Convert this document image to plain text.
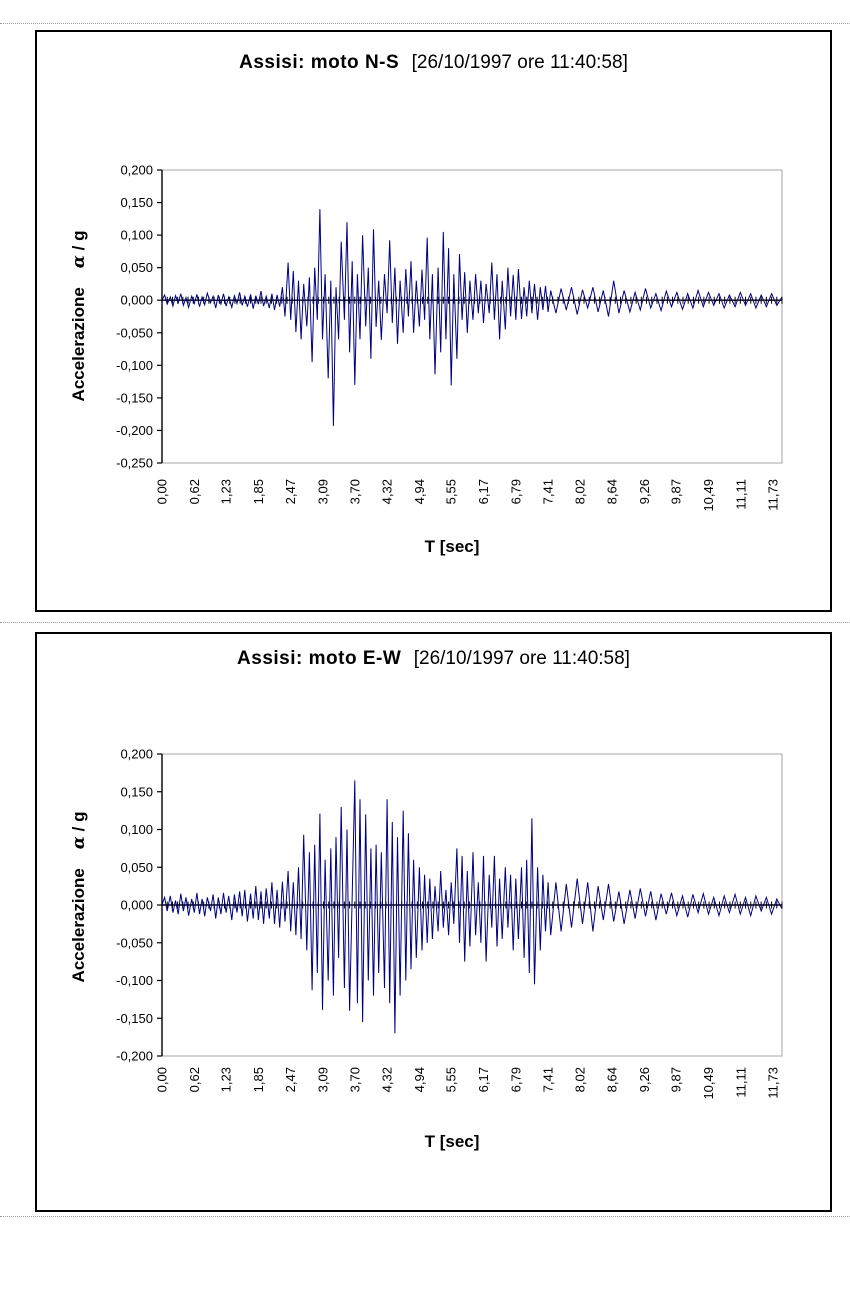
0,200
0,150
0,100
0,050
0,000
-0,050
-0,100
-0,150
-0,200
-0,250
0,00 0,62 1,23 1,85 2,47 3,09 3,70 4,32 4,94 5,55 6,17 6,79 7,41 8,02 8,64 9,26 9,87 10,49 11,11 11,73
Assisi: moto N-S [26/10/1997 ore 11:40:58]
Accelerazione    α / g
T [sec]
0,200
0,150
0,100
0,050
0,000
-0,050
-0,100
-0,150
-0,200
0,00 0,62 1,23 1,85 2,47 3,09 3,70 4,32 4,94 5,55 6,17 6,79 7,41 8,02 8,64 9,26 9,87 10,49 11,11 11,73
Assisi: moto E-W [26/10/1997 ore 11:40:58]
Accelerazione    α / g
T [sec]
